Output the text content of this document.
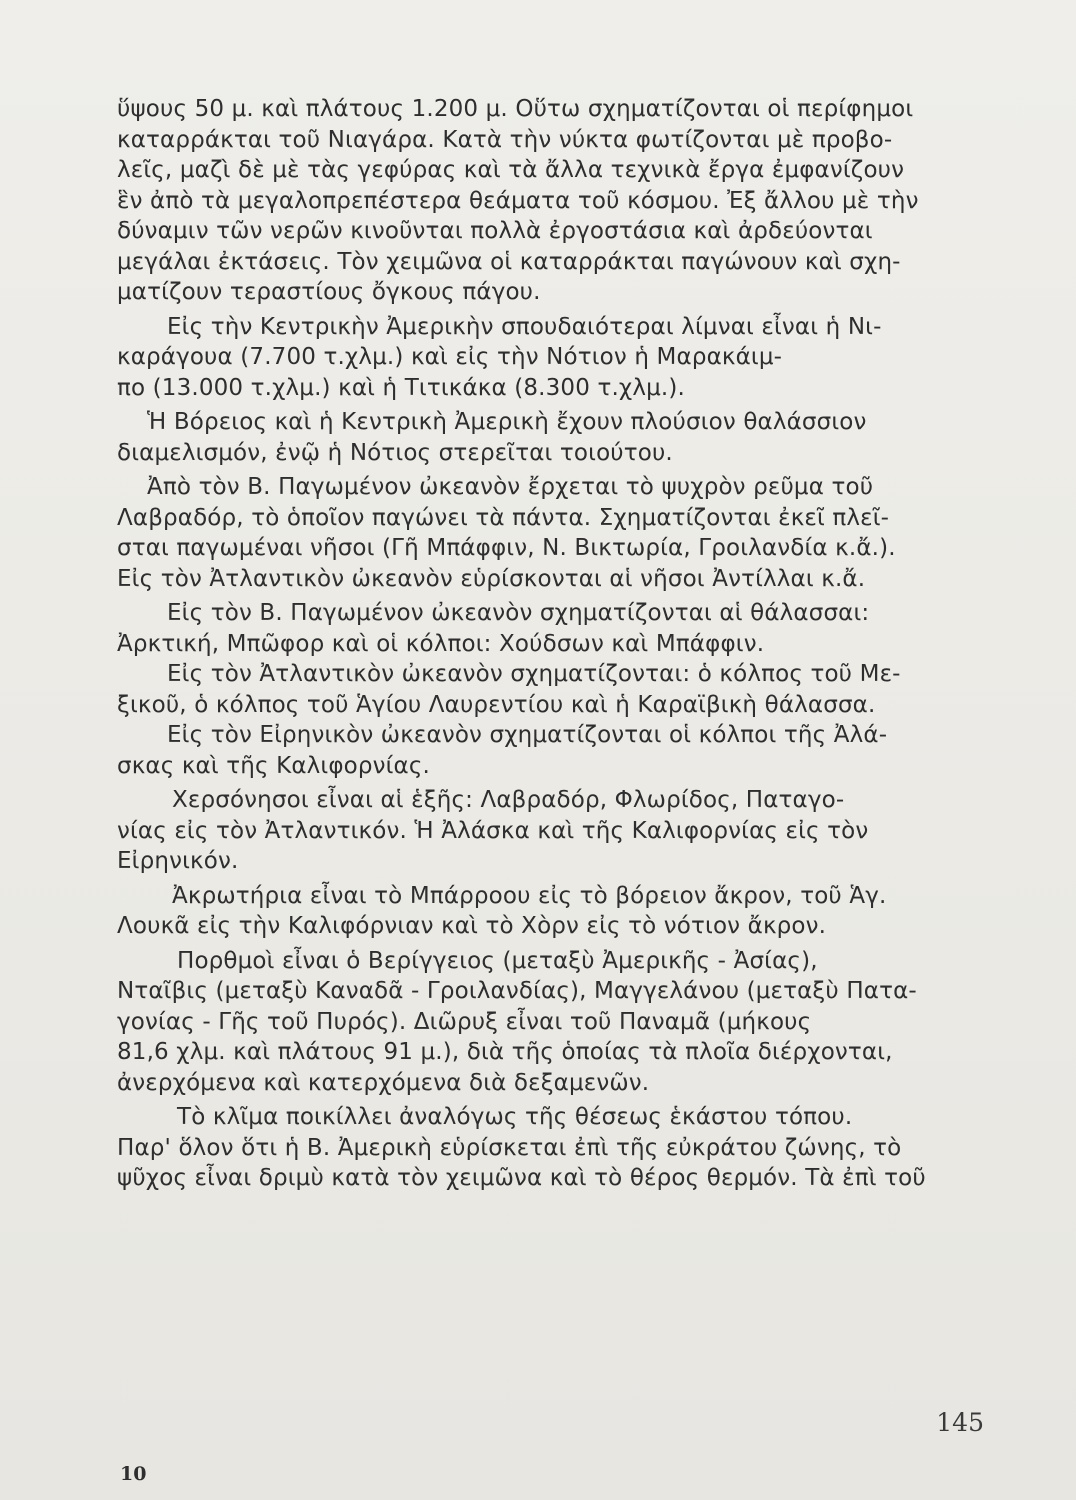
ὕψους 50 μ. καὶ πλάτους 1.200 μ. Οὕτω σχηματίζονται οἱ περίφημοι
καταρράκται τοῦ Νιαγάρα. Κατὰ τὴν νύκτα φωτίζονται μὲ προβο-
λεῖς, μαζὶ δὲ μὲ τὰς γεφύρας καὶ τὰ ἄλλα τεχνικὰ ἔργα ἐμφανίζουν
ἓν ἀπὸ τὰ μεγαλοπρεπέστερα θεάματα τοῦ κόσμου. Ἐξ ἄλλου μὲ τὴν
δύναμιν τῶν νερῶν κινοῦνται πολλὰ ἐργοστάσια καὶ ἀρδεύονται
μεγάλαι ἐκτάσεις. Τὸν χειμῶνα οἱ καταρράκται παγώνουν καὶ σχη-
ματίζουν τεραστίους ὄγκους πάγου.
Εἰς τὴν Κεντρικὴν Ἀμερικὴν σπουδαιότεραι λίμναι εἶναι ἡ Νι-
καράγουα (7.700 τ.χλμ.) καὶ εἰς τὴν Νότιον ἡ Μαρακάιμ-
πο (13.000 τ.χλμ.) καὶ ἡ Τιτικάκα (8.300 τ.χλμ.).
Ἡ Βόρειος καὶ ἡ Κεντρικὴ Ἀμερικὴ ἔχουν πλούσιον θαλάσσιον
διαμελισμόν, ἐνῷ ἡ Νότιος στερεῖται τοιούτου.
Ἀπὸ τὸν Β. Παγωμένον ὠκεανὸν ἔρχεται τὸ ψυχρὸν ρεῦμα τοῦ
Λαβραδόρ, τὸ ὁποῖον παγώνει τὰ πάντα. Σχηματίζονται ἐκεῖ πλεῖ-
σται παγωμέναι νῆσοι (Γῆ Μπάφφιν, Ν. Βικτωρία, Γροιλανδία κ.ἄ.).
Εἰς τὸν Ἀτλαντικὸν ὠκεανὸν εὑρίσκονται αἱ νῆσοι Ἀντίλλαι κ.ἄ.
Εἰς τὸν Β. Παγωμένον ὠκεανὸν σχηματίζονται αἱ θάλασσαι:
Ἀρκτική, Μπῶφορ καὶ οἱ κόλποι: Χούδσων καὶ Μπάφφιν.
Εἰς τὸν Ἀτλαντικὸν ὠκεανὸν σχηματίζονται: ὁ κόλπος τοῦ Με-
ξικοῦ, ὁ κόλπος τοῦ Ἁγίου Λαυρεντίου καὶ ἡ Καραϊβικὴ θάλασσα.
Εἰς τὸν Εἰρηνικὸν ὠκεανὸν σχηματίζονται οἱ κόλποι τῆς Ἀλά-
σκας καὶ τῆς Καλιφορνίας.
Χερσόνησοι εἶναι αἱ ἑξῆς: Λαβραδόρ, Φλωρίδος, Παταγο-
νίας εἰς τὸν Ἀτλαντικόν. Ἡ Ἀλάσκα καὶ τῆς Καλιφορνίας εἰς τὸν
Εἰρηνικόν.
Ἀκρωτήρια εἶναι τὸ Μπάρροου εἰς τὸ βόρειον ἄκρον, τοῦ Ἁγ.
Λουκᾶ εἰς τὴν Καλιφόρνιαν καὶ τὸ Χὸρν εἰς τὸ νότιον ἄκρον.
Πορθμοὶ εἶναι ὁ Βερίγγειος (μεταξὺ Ἀμερικῆς - Ἀσίας),
Νταῖβις (μεταξὺ Καναδᾶ - Γροιλανδίας), Μαγγελάνου (μεταξὺ Πατα-
γονίας - Γῆς τοῦ Πυρός). Διῶρυξ εἶναι τοῦ Παναμᾶ (μήκους
81,6 χλμ. καὶ πλάτους 91 μ.), διὰ τῆς ὁποίας τὰ πλοῖα διέρχονται,
ἀνερχόμενα καὶ κατερχόμενα διὰ δεξαμενῶν.
Τὸ κλῖμα ποικίλλει ἀναλόγως τῆς θέσεως ἑκάστου τόπου.
Παρ' ὅλον ὅτι ἡ Β. Ἀμερικὴ εὑρίσκεται ἐπὶ τῆς εὐκράτου ζώνης, τὸ
ψῦχος εἶναι δριμὺ κατὰ τὸν χειμῶνα καὶ τὸ θέρος θερμόν. Τὰ ἐπὶ τοῦ
145
10
